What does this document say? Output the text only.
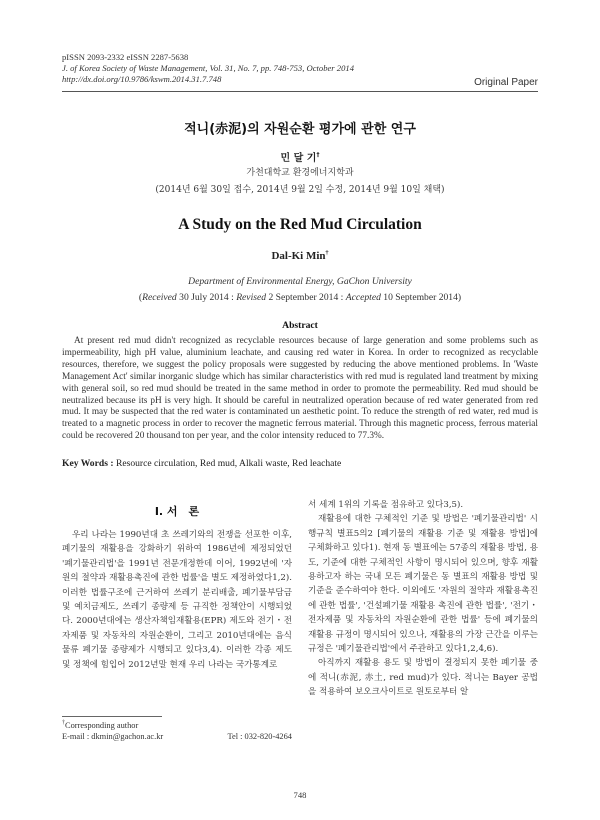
pISSN 2093-2332 eISSN 2287-5638
J. of Korea Society of Waste Management, Vol. 31, No. 7, pp. 748-753, October 2014
http://dx.doi.org/10.9786/kswm.2014.31.7.748	Original Paper
적니(赤泥)의 자원순환 평가에 관한 연구
민 달 기†
가천대학교 환경에너지학과
(2014년 6월 30일 접수, 2014년 9월 2일 수정, 2014년 9월 10일 채택)
A Study on the Red Mud Circulation
Dal-Ki Min†
Department of Environmental Energy, GaChon University
(Received 30 July 2014 : Revised 2 September 2014 : Accepted 10 September 2014)
Abstract

At present red mud didn't recognized as recyclable resources because of large generation and some problems such as impermeability, high pH value, aluminium leachate, and causing red water in Korea. In order to recognized as recyclable resources, therefore, we suggest the policy proposals were suggested by reducing the above mentioned problems. In 'Waste Management Act' similar inorganic sludge which has similar characteristics with red mud is regulated land treatment by mixing with general soil, so red mud should be treated in the same method in order to promote the permeability. Red mud should be neutralized because its pH is very high. It should be careful in neutralized operation because of red water generated from red mud. It may be suspected that the red water is contaminated un aesthetic point. To reduce the strength of red water, red mud is treated to a magnetic process in order to recover the magnetic ferrous material. Through this magnetic process, ferrous material could be recovered 20 thousand ton per year, and the color intensity reduced to 77.3%.

Key Words : Resource circulation, Red mud, Alkali waste, Red leachate
I. 서　론

우리 나라는 1990년대 초 쓰레기와의 전쟁을 선포한 이후, 폐기물의 재활용을 강화하기 위하여 1986년에 제정되었던 '폐기물관리법'을 1991년 전문개정한데 이어, 1992년에 '자원의 절약과 재활용촉진에 관한 법률'을 별도 제정하였다1,2). 이러한 법률구조에 근거하여 쓰레기 분리배출, 폐기물부담금 및 예치금제도, 쓰레기 종량제 등 규직한 정책안이 시행되었다. 2000년대에는 생산자책임재활용(EPR) 제도와 전기・전자제품 및 자동차의 자원순환이, 그리고 2010년대에는 음식물류 폐기물 종량제가 시행되고 있다3,4). 이러한 각종 제도 및 정책에 힘입어 2012년말 현재 우리 나라는 국가통계로

서 세계 1위의 기록을 점유하고 있다3,5).

재활용에 대한 구체적인 기준 및 방법은 '폐기물관리법' 시행규칙 별표5의2 [폐기물의 재활용 기준 및 재활용 방법]에 구체화하고 있다1). 현재 동 별표에는 57종의 재활용 방법, 용도, 기준에 대한 구체적인 사항이 명시되어 있으며, 향후 재활용하고자 하는 국내 모든 폐기물은 동 별표의 재활용 방법 및 기준을 준수하여야 한다. 이외에도 '자원의 절약과 재활용촉진에 관한 법률', '건설폐기물 재활용 촉진에 관한 법률', '전기・전자제품 및 자동차의 자원순환에 관한 법률' 등에 폐기물의 재활용 규정이 명시되어 있으나, 재활용의 가장 근간을 이루는 규정은 '폐기물관리법'에서 주관하고 있다1,2,4,6).

아직까지 재활용 용도 및 방법이 결정되지 못한 폐기물 중에 적니(赤泥, 赤土, red mud)가 있다. 적니는 Bayer 공법을 적용하여 보오크사이트로 원토로부터 알

†Corresponding author
E-mail : dkmin@gachon.ac.kr	Tel : 032-820-4264
748
